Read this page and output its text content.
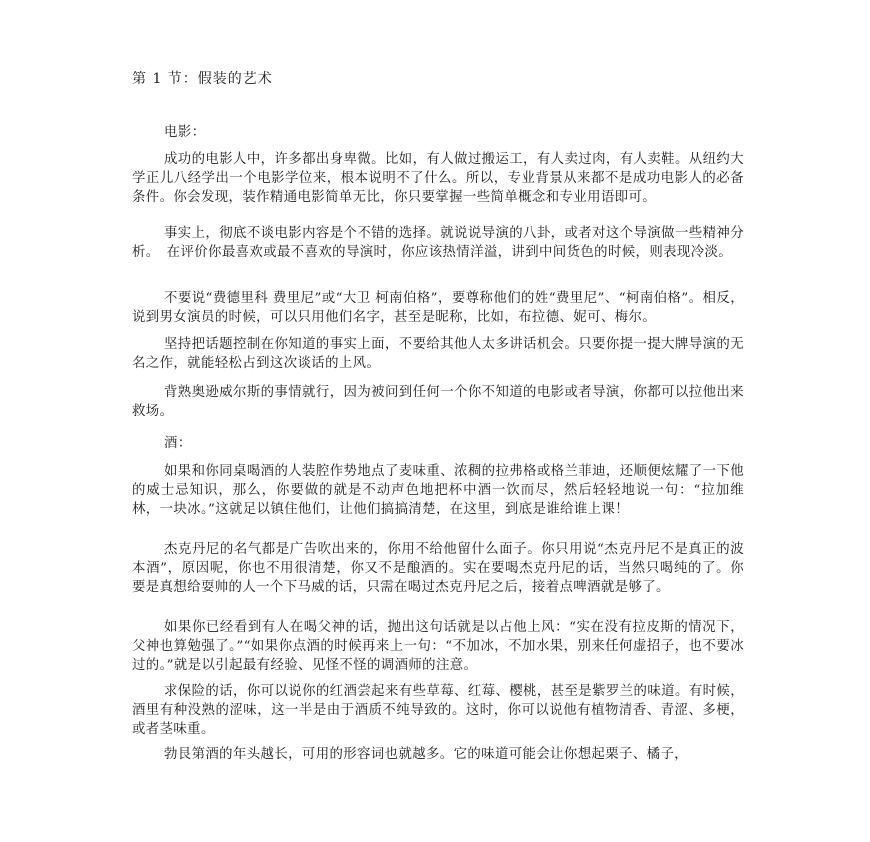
第 1 节：假装的艺术
电影：

成功的电影人中，许多都出身卑微。比如，有人做过搬运工，有人卖过肉，有人卖鞋。从纽约大学正儿八经学出一个电影学位来，根本说明不了什么。所以，专业背景从来都不是成功电影人的必备条件。你会发现，装作精通电影简单无比，你只要掌握一些简单概念和专业用语即可。

事实上，彻底不谈电影内容是个不错的选择。就说说导演的八卦，或者对这个导演做一些精神分析。　在评价你最喜欢或最不喜欢的导演时，你应该热情洋溢，讲到中间货色的时候，则表现冷淡。

不要说“费德里科 费里尼”或“大卫 柯南伯格”，要尊称他们的姓“费里尼”、“柯南伯格”。相反，说到男女演员的时候，可以只用他们名字，甚至是昵称，比如，布拉德、妮可、梅尔。

坚持把话题控制在你知道的事实上面，不要给其他人太多讲话机会。只要你提一提大牌导演的无名之作，就能轻松占到这次谈话的上风。

背熟奥逊威尔斯的事情就行，因为被问到任何一个你不知道的电影或者导演，你都可以拉他出来救场。

酒：

如果和你同桌喝酒的人装腔作势地点了麦味重、浓稠的拉弗格或格兰菲迪，还顺便炫耀了一下他的威士忌知识，那么，你要做的就是不动声色地把杯中酒一饮而尽，然后轻轻地说一句：“拉加维林，一块冰。”这就足以镇住他们，让他们搞搞清楚，在这里，到底是谁给谁上课！

杰克丹尼的名气都是广告吹出来的，你用不给他留什么面子。你只用说“杰克丹尼不是真正的波本酒”，原因呢，你也不用很清楚，你又不是酿酒的。实在要喝杰克丹尼的话，当然只喝纯的了。你要是真想给耍帅的人一个下马威的话，只需在喝过杰克丹尼之后，接着点啤酒就是够了。

如果你已经看到有人在喝父神的话，抛出这句话就是以占他上风：“实在没有拉皮斯的情况下，父神也算勉强了。”“如果你点酒的时候再来上一句：“不加冰，不加水果，别来任何虚招子，也不要冰过的。”就是以引起最有经验、见怪不怪的调酒师的注意。

求保险的话，你可以说你的红酒尝起来有些草莓、红莓、樱桃，甚至是紫罗兰的味道。有时候，酒里有种没熟的涩味，这一半是由于酒质不纯导致的。这时，你可以说他有植物清香、青涩、多梗，或者茎味重。

勃艮第酒的年头越长，可用的形容词也就越多。它的味道可能会让你想起栗子、橘子，
